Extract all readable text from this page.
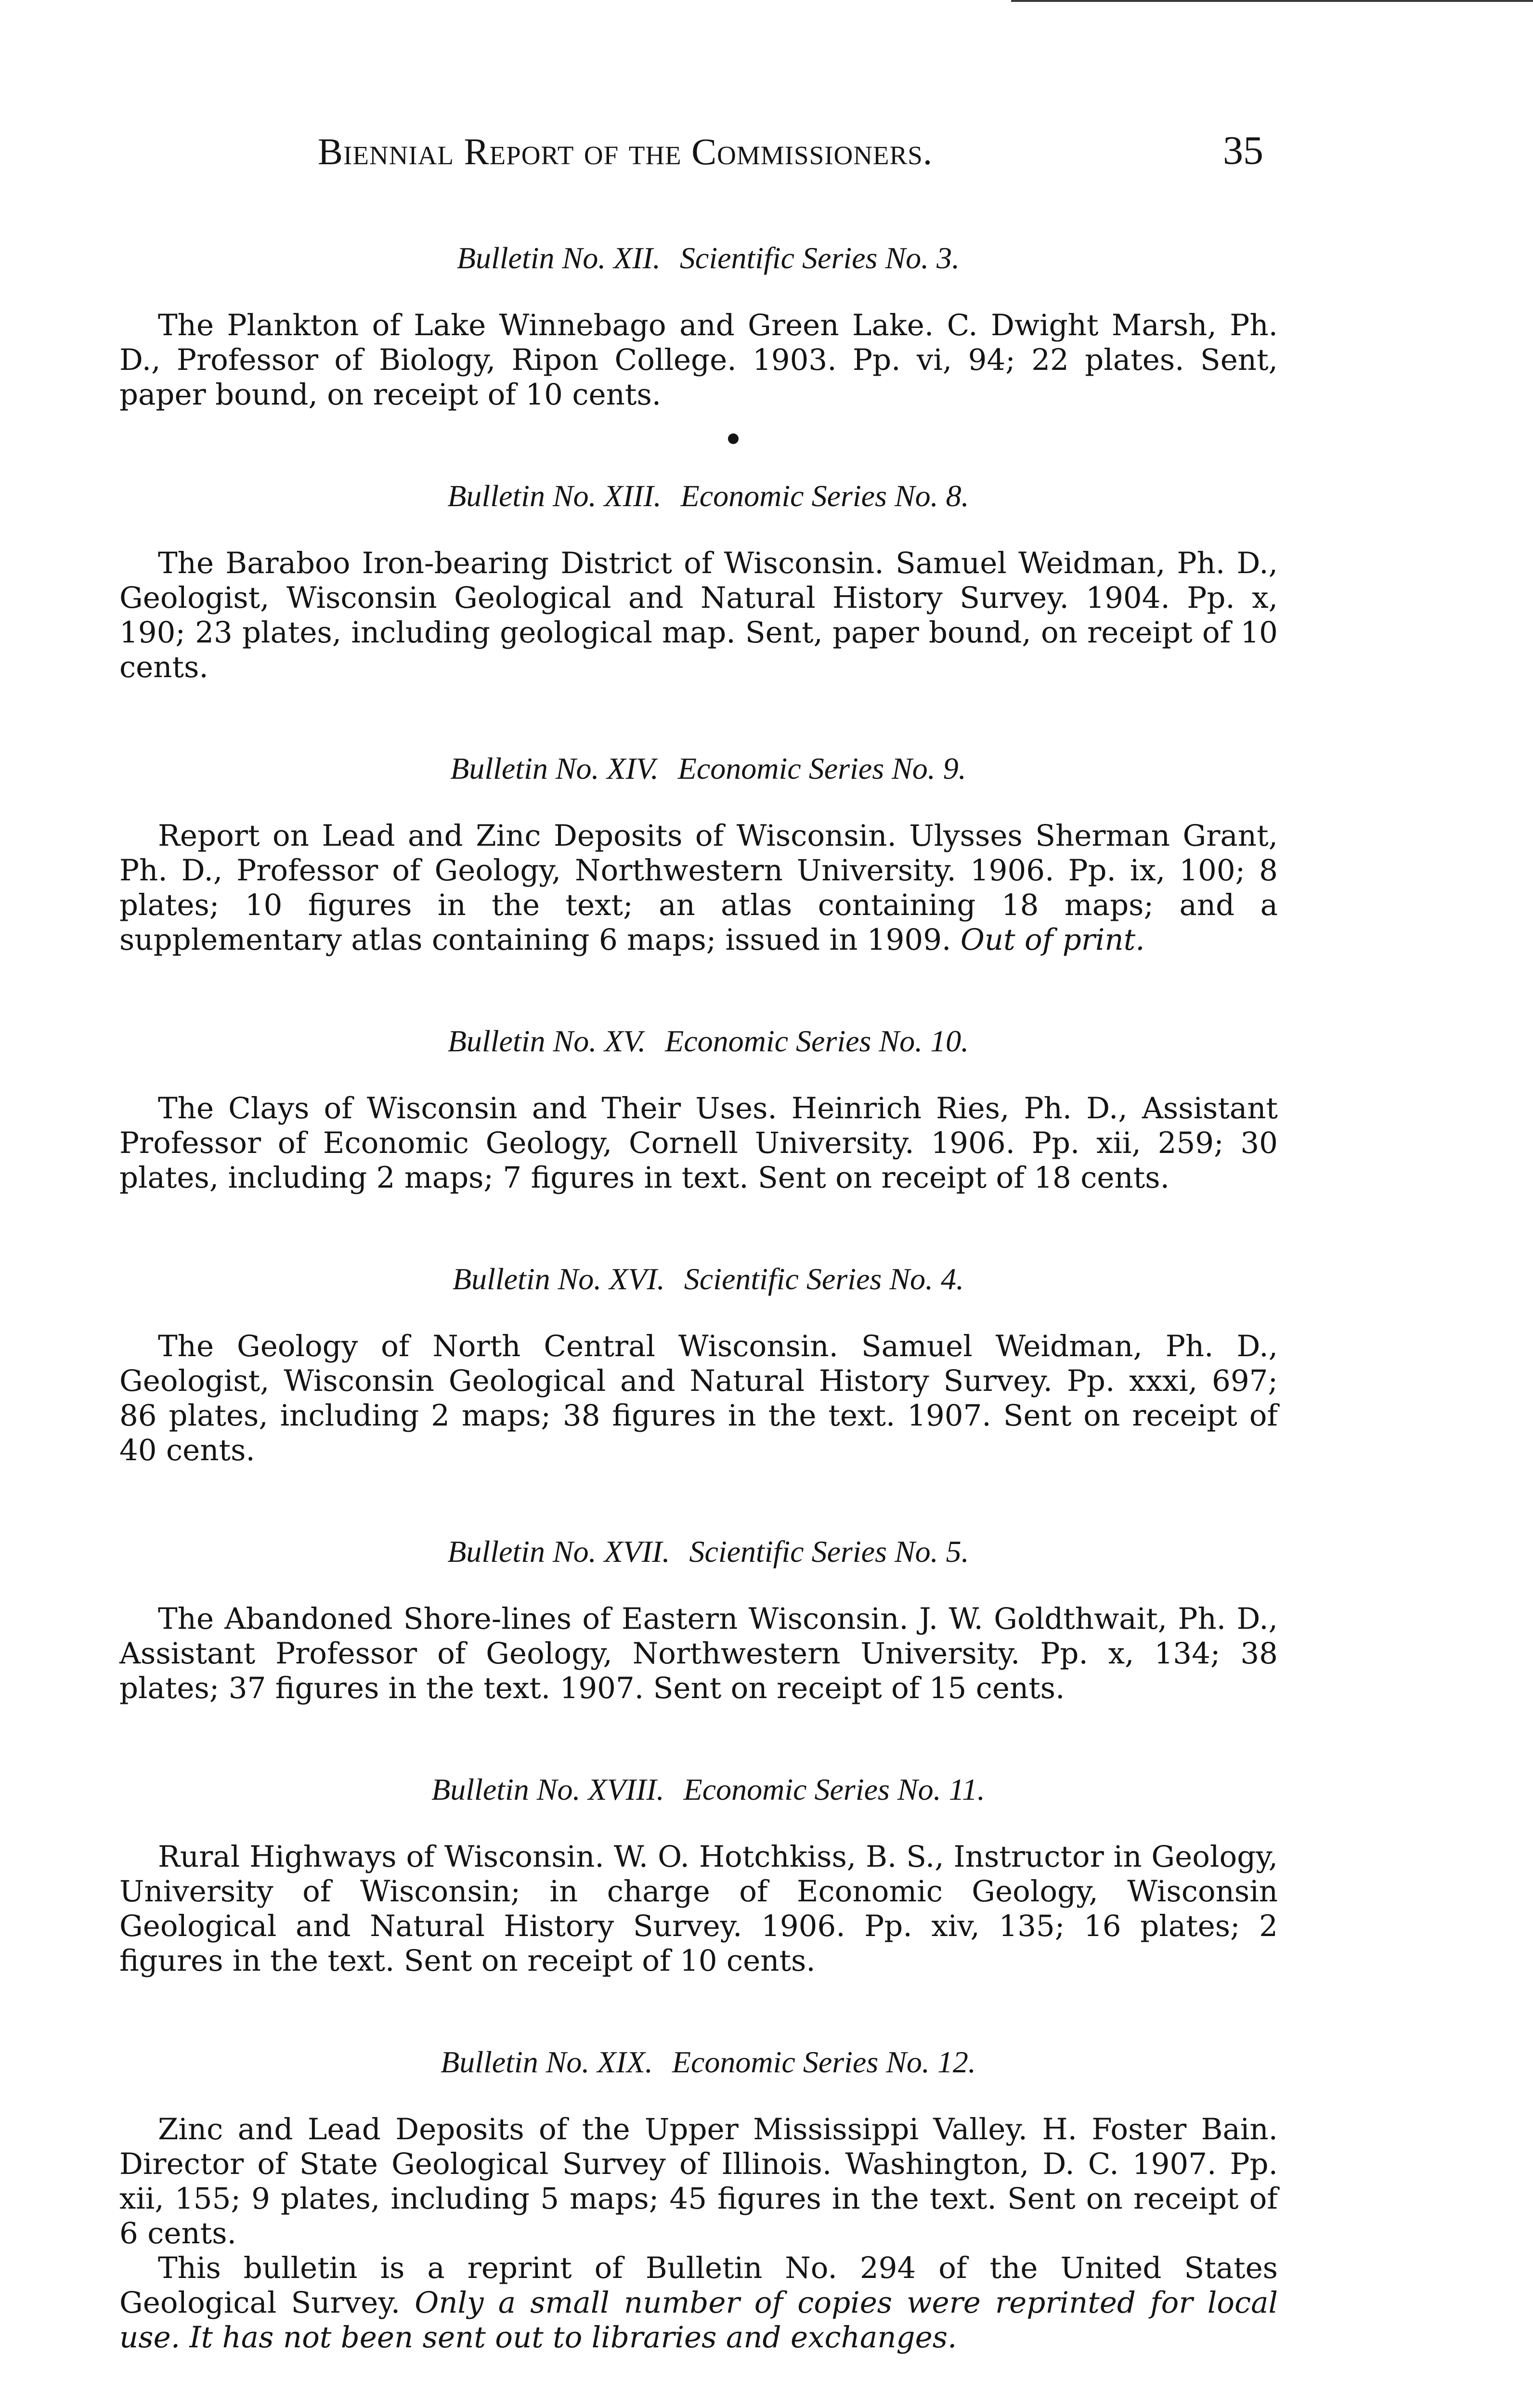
Biennial Report of the Commissioners.	35

Bulletin No. XII. Scientific Series No. 3.

The Plankton of Lake Winnebago and Green Lake. C. Dwight Marsh, Ph. D., Professor of Biology, Ripon College. 1903. Pp. vi, 94; 22 plates. Sent, paper bound, on receipt of 10 cents.

Bulletin No. XIII. Economic Series No. 8.

The Baraboo Iron-bearing District of Wisconsin. Samuel Weidman, Ph. D., Geologist, Wisconsin Geological and Natural History Survey. 1904. Pp. x, 190; 23 plates, including geological map. Sent, paper bound, on receipt of 10 cents.

Bulletin No. XIV. Economic Series No. 9.

Report on Lead and Zinc Deposits of Wisconsin. Ulysses Sherman Grant, Ph. D., Professor of Geology, Northwestern University. 1906. Pp. ix, 100; 8 plates; 10 figures in the text; an atlas containing 18 maps; and a supplementary atlas containing 6 maps; issued in 1909. Out of print.

Bulletin No. XV. Economic Series No. 10.

The Clays of Wisconsin and Their Uses. Heinrich Ries, Ph. D., Assistant Professor of Economic Geology, Cornell University. 1906. Pp. xii, 259; 30 plates, including 2 maps; 7 figures in text. Sent on receipt of 18 cents.

Bulletin No. XVI. Scientific Series No. 4.

The Geology of North Central Wisconsin. Samuel Weidman, Ph. D., Geologist, Wisconsin Geological and Natural History Survey. Pp. xxxi, 697; 86 plates, including 2 maps; 38 figures in the text. 1907. Sent on receipt of 40 cents.

Bulletin No. XVII. Scientific Series No. 5.

The Abandoned Shore-lines of Eastern Wisconsin. J. W. Goldthwait, Ph. D., Assistant Professor of Geology, Northwestern University. Pp. x, 134; 38 plates; 37 figures in the text. 1907. Sent on receipt of 15 cents.

Bulletin No. XVIII. Economic Series No. 11.

Rural Highways of Wisconsin. W. O. Hotchkiss, B. S., Instructor in Geology, University of Wisconsin; in charge of Economic Geology, Wisconsin Geological and Natural History Survey. 1906. Pp. xiv, 135; 16 plates; 2 figures in the text. Sent on receipt of 10 cents.

Bulletin No. XIX. Economic Series No. 12.

Zinc and Lead Deposits of the Upper Mississippi Valley. H. Foster Bain. Director of State Geological Survey of Illinois. Washington, D. C. 1907. Pp. xii, 155; 9 plates, including 5 maps; 45 figures in the text. Sent on receipt of 6 cents.

This bulletin is a reprint of Bulletin No. 294 of the United States Geological Survey. Only a small number of copies were reprinted for local use. It has not been sent out to libraries and exchanges.
